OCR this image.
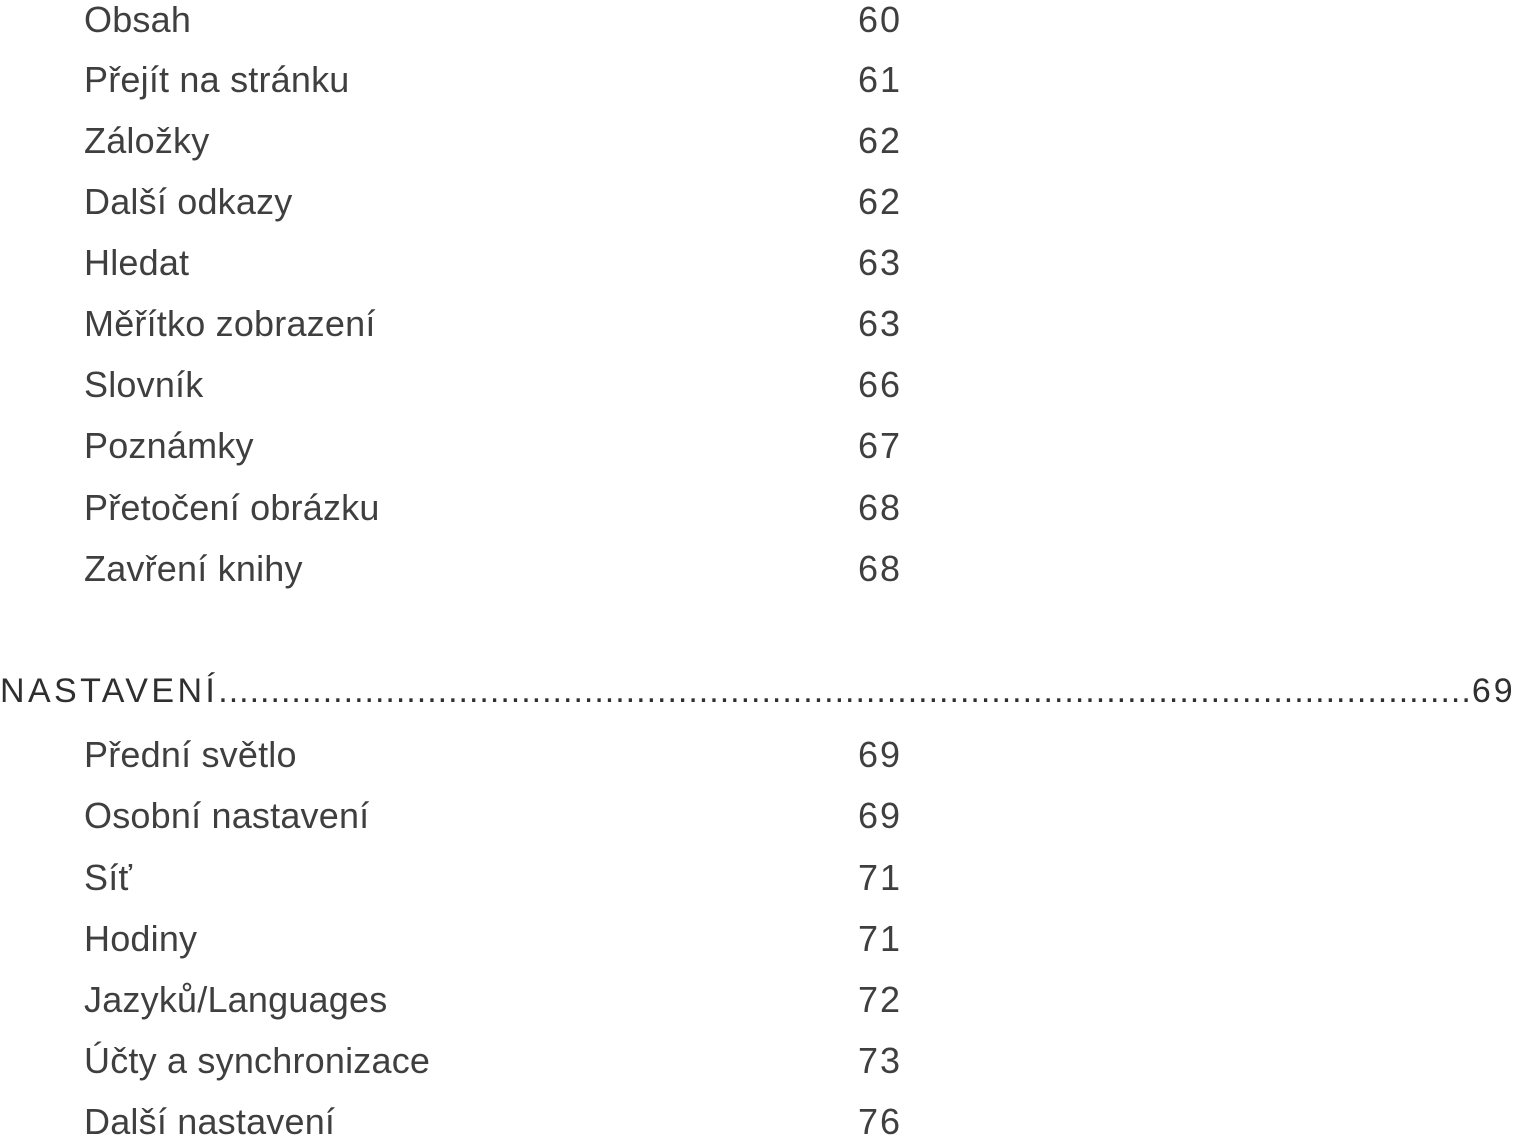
Obsah	60
Přejít na stránku	61
Záložky	62
Další odkazy	62
Hledat	63
Měřítko zobrazení	63
Slovník	66
Poznámky	67
Přetočení obrázku	68
Zavření knihy	68
NASTAVENÍ ........................................................................................................................ 69
Přední světlo	69
Osobní nastavení	69
Síť	71
Hodiny	71
Jazyků/Languages	72
Účty a synchronizace	73
Další nastavení	76
